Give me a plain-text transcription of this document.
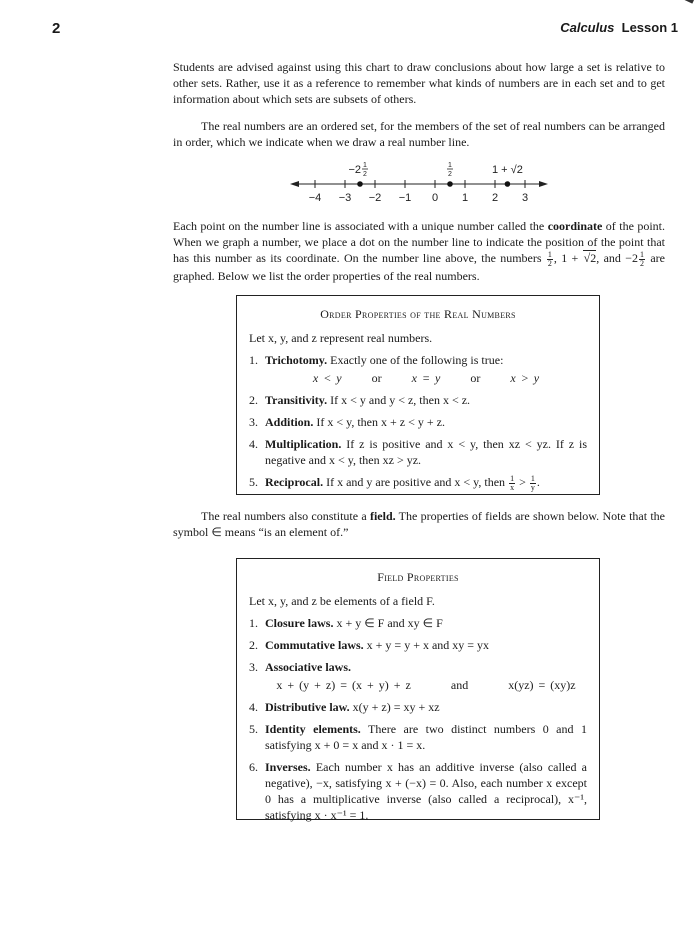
2	Calculus Lesson 1

Students are advised against using this chart to draw conclusions about how large a set is relative to other sets. Rather, use it as a reference to remember what kinds of numbers are in each set and to get information about which sets are subsets of others.

The real numbers are an ordered set, for the members of the set of real numbers can be arranged in order, which we indicate when we draw a real number line.

−4 −3 −2 −1 0 1 2 3
−2 1
2
1
2	1 + √2

Each point on the number line is associated with a unique number called the coordinate of the point. When we graph a number, we place a dot on the number line to indicate the position of the point that has this number as its coordinate. On the number line above, the numbers $\frac{1}{2}$ , 1 + √2, and $-2 \frac{1}{2}$ are graphed. Below we list the order properties of the real numbers.

Order Properties of the Real Numbers
Let x, y, and z represent real numbers.
1. Trichotomy. Exactly one of the following is true:
x < y	or	x = y	or	x > y
2. Transitivity. If x < y and y < z, then x < z.
3. Addition. If x < y, then x + z < y + z.
4. Multiplication. If z is positive and x < y, then xz < yz. If z is negative and x < y, then xz > yz.
5. Reciprocal. If x and y are positive and x < y, then $\frac{1}{x} > \frac{1}{y}$ .

The real numbers also constitute a field. The properties of fields are shown below. Note that the symbol ∈ means “is an element of.”

Field Properties
Let x, y, and z be elements of a field F.
1. Closure laws. x + y ∈ F and xy ∈ F
2. Commutative laws. x + y = y + x and xy = yx
3. Associative laws.
x + (y + z) = (x + y) + z        and        x(yz) = (xy)z
4. Distributive law. x(y + z) = xy + xz
5. Identity elements. There are two distinct numbers 0 and 1 satisfying x + 0 = x and x · 1 = x.
6. Inverses. Each number x has an additive inverse (also called a negative), −x, satisfying x + (−x) = 0. Also, each number x except 0 has a multiplicative inverse (also called a reciprocal), x⁻¹, satisfying x · x⁻¹ = 1.
